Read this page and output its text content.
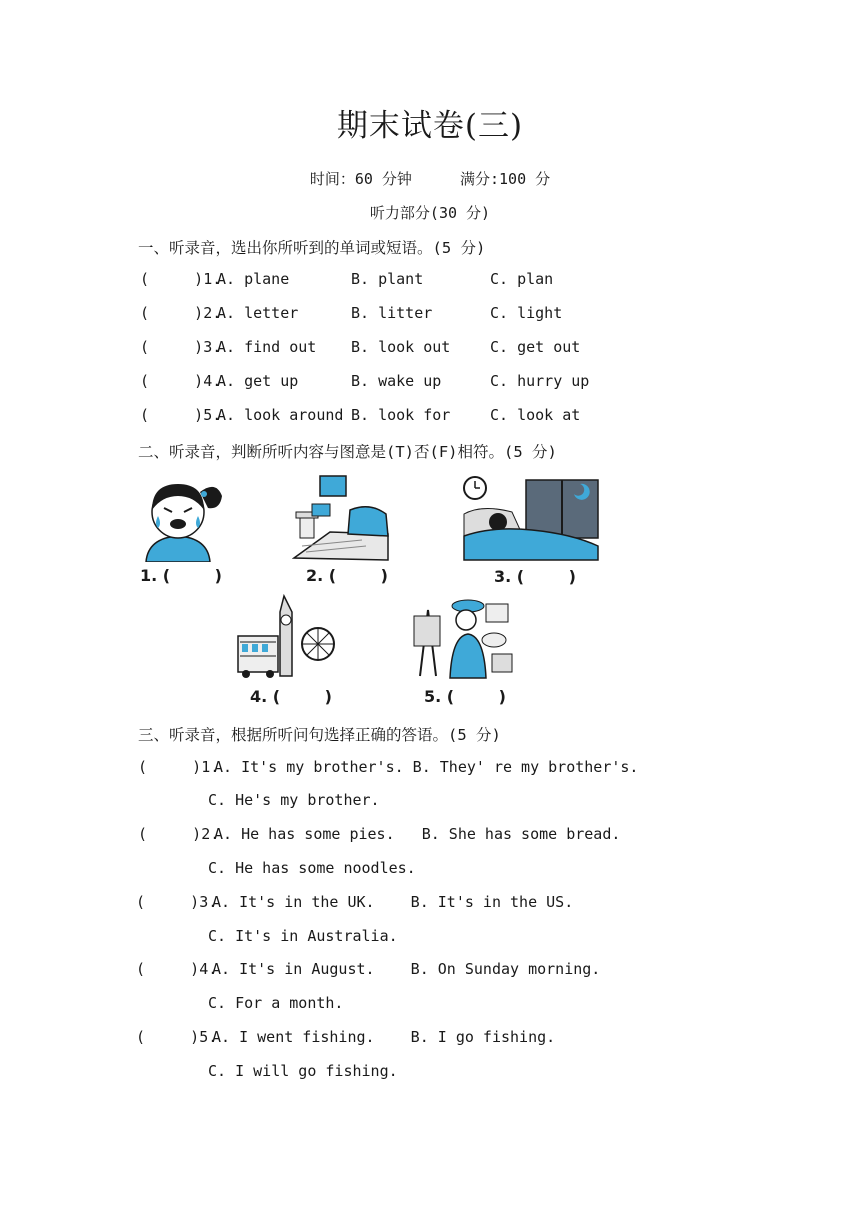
期末试卷(三)
时间：60 分钟	满分:100 分
听力部分(30 分)
一、听录音，选出你所听到的单词或短语。(5 分)
(     )1.
A. plane	B. plant	C. plan
(     )2.
A. letter	B. litter	C. light
(     )3.
A. find out B. look out	C. get out
(     )4.
A. get up	B. wake up	C. hurry up
(     )5.
A. look around B. look for	C. look at
二、听录音，判断所听内容与图意是(T)否(F)相符。(5 分)
1. (        )	2. (        )	3. (        )
4. (        )	5. (        )
三、听录音，根据所听问句选择正确的答语。(5 分)
(     )1.
A. It's my brother's. B. They' re my brother's.
C. He's my brother.
(     )2.
A. He has some pies.   B. She has some bread.
C. He has some noodles.
(     )3.
A. It's in the UK.    B. It's in the US.
C. It's in Australia.
(     )4.
A. It's in August.    B. On Sunday morning.
C. For a month.
(     )5.
A. I went fishing.    B. I go fishing.
C. I will go fishing.
